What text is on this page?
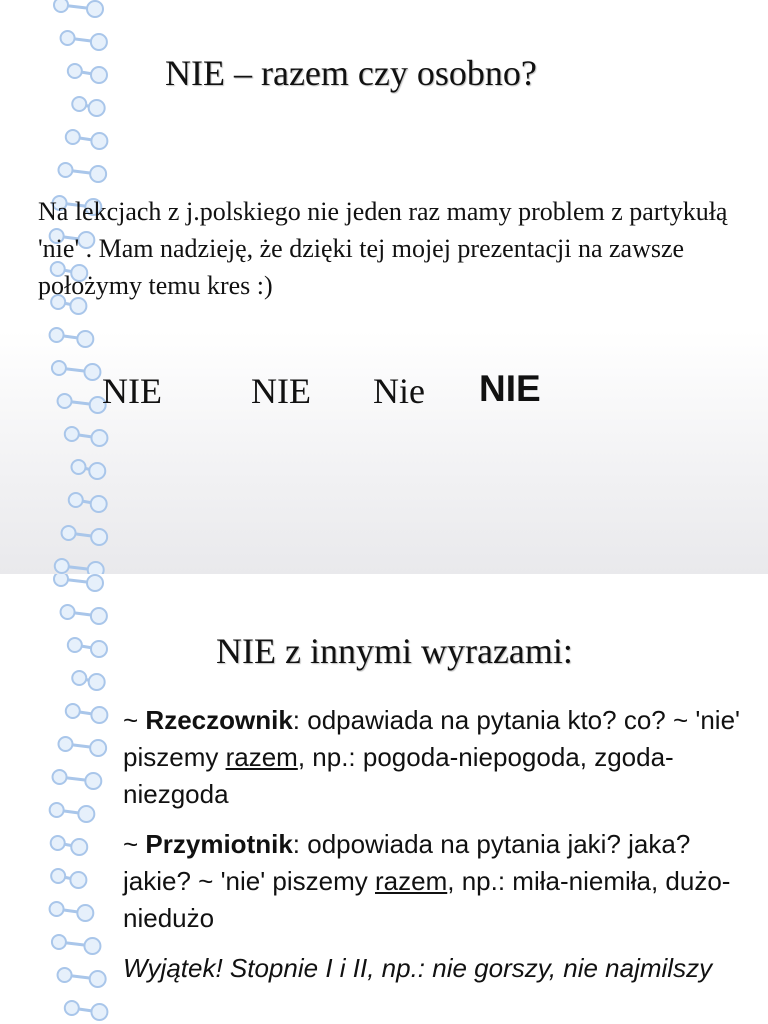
NIE – razem czy osobno?

Na lekcjach z j.polskiego nie jeden raz mamy problem z partykułą 'nie' . Mam nadzieję, że dzięki tej mojej prezentacji na zawsze położymy temu kres :)

NIE NIE Nie NIE
NIE z innymi wyrazami:

~ Rzeczownik: odpawiada na pytania kto? co? ~ 'nie' piszemy razem, np.: pogoda-niepogoda, zgoda-niezgoda

~ Przymiotnik: odpowiada na pytania jaki? jaka? jakie? ~ 'nie' piszemy razem, np.: miła-niemiła, dużo-niedużo

Wyjątek! Stopnie I i II, np.: nie gorszy, nie najmilszy
